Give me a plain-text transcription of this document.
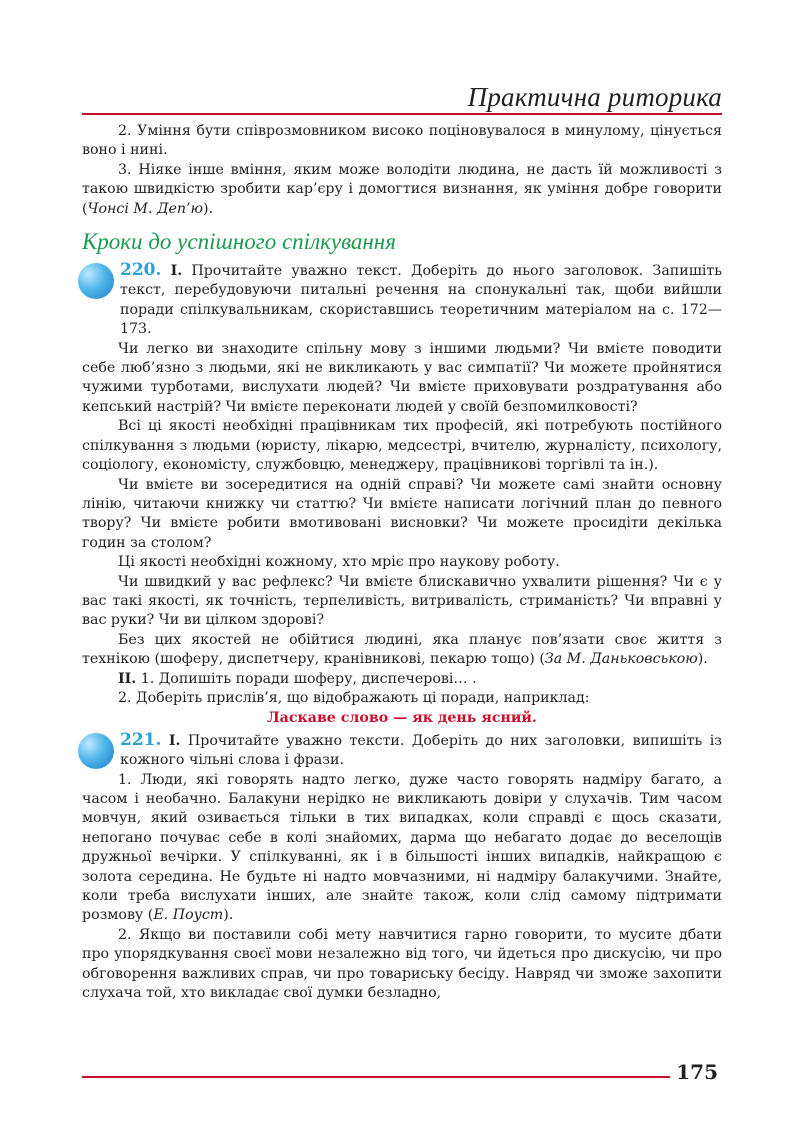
Практична риторика

2. Уміння бути співрозмовником високо поціновувалося в минулому, цінується воно і нині.

3. Ніяке інше вміння, яким може володіти людина, не дасть їй можливості з такою швидкістю зробити кар’єру і домогтися визнання, як уміння добре говорити (Чонсі М. Деп’ю).

Кроки до успішного спілкування

220. I. Прочитайте уважно текст. Доберіть до нього заголовок. Запишіть текст, перебудовуючи питальні речення на спонукальні так, щоби вийшли поради спілкувальникам, скориставшись теоретичним матеріалом на с. 172—173.

Чи легко ви знаходите спільну мову з іншими людьми? Чи вмієте поводити себе люб’язно з людьми, які не викликають у вас симпатії? Чи можете пройнятися чужими турботами, вислухати людей? Чи вмієте приховувати роздратування або кепський настрій? Чи вмієте переконати людей у своїй безпомилковості?

Всі ці якості необхідні працівникам тих професій, які потребують постійного спілкування з людьми (юристу, лікарю, медсестрі, вчителю, журналісту, психологу, соціологу, економісту, службовцю, менеджеру, працівникові торгівлі та ін.).

Чи вмієте ви зосередитися на одній справі? Чи можете самі знайти основну лінію, читаючи книжку чи статтю? Чи вмієте написати логічний план до певного твору? Чи вмієте робити вмотивовані висновки? Чи можете просидіти декілька годин за столом?

Ці якості необхідні кожному, хто мріє про наукову роботу.

Чи швидкий у вас рефлекс? Чи вмієте блискавично ухвалити рішення? Чи є у вас такі якості, як точність, терпеливість, витривалість, стриманість? Чи вправні у вас руки? Чи ви цілком здорові?

Без цих якостей не обійтися людині, яка планує пов’язати своє життя з технікою (шоферу, диспетчеру, кранівникові, пекарю тощо) (За М. Даньковською).

II. 1. Допишіть поради шоферу, диспечерові… .

2. Доберіть прислів’я, що відображають ці поради, наприклад:

Ласкаве слово — як день ясний.

221. I. Прочитайте уважно тексти. Доберіть до них заголовки, випишіть із кожного чільні слова і фрази.

1. Люди, які говорять надто легко, дуже часто говорять надміру багато, а часом і необачно. Балакуни нерідко не викликають довіри у слухачів. Тим часом мовчун, який озивається тільки в тих випадках, коли справді є щось сказати, непогано почуває себе в колі знайомих, дарма що небагато додає до веселощів дружньої вечірки. У спілкуванні, як і в більшості інших випадків, найкращою є золота середина. Не будьте ні надто мовчазними, ні надміру балакучими. Знайте, коли треба вислухати інших, але знайте також, коли слід самому підтримати розмову (Е. Поуст).

2. Якщо ви поставили собі мету навчитися гарно говорити, то мусите дбати про упорядкування своєї мови незалежно від того, чи йдеться про дискусію, чи про обговорення важливих справ, чи про товариську бесіду. Навряд чи зможе захопити слухача той, хто викладає свої думки безладно,

175
